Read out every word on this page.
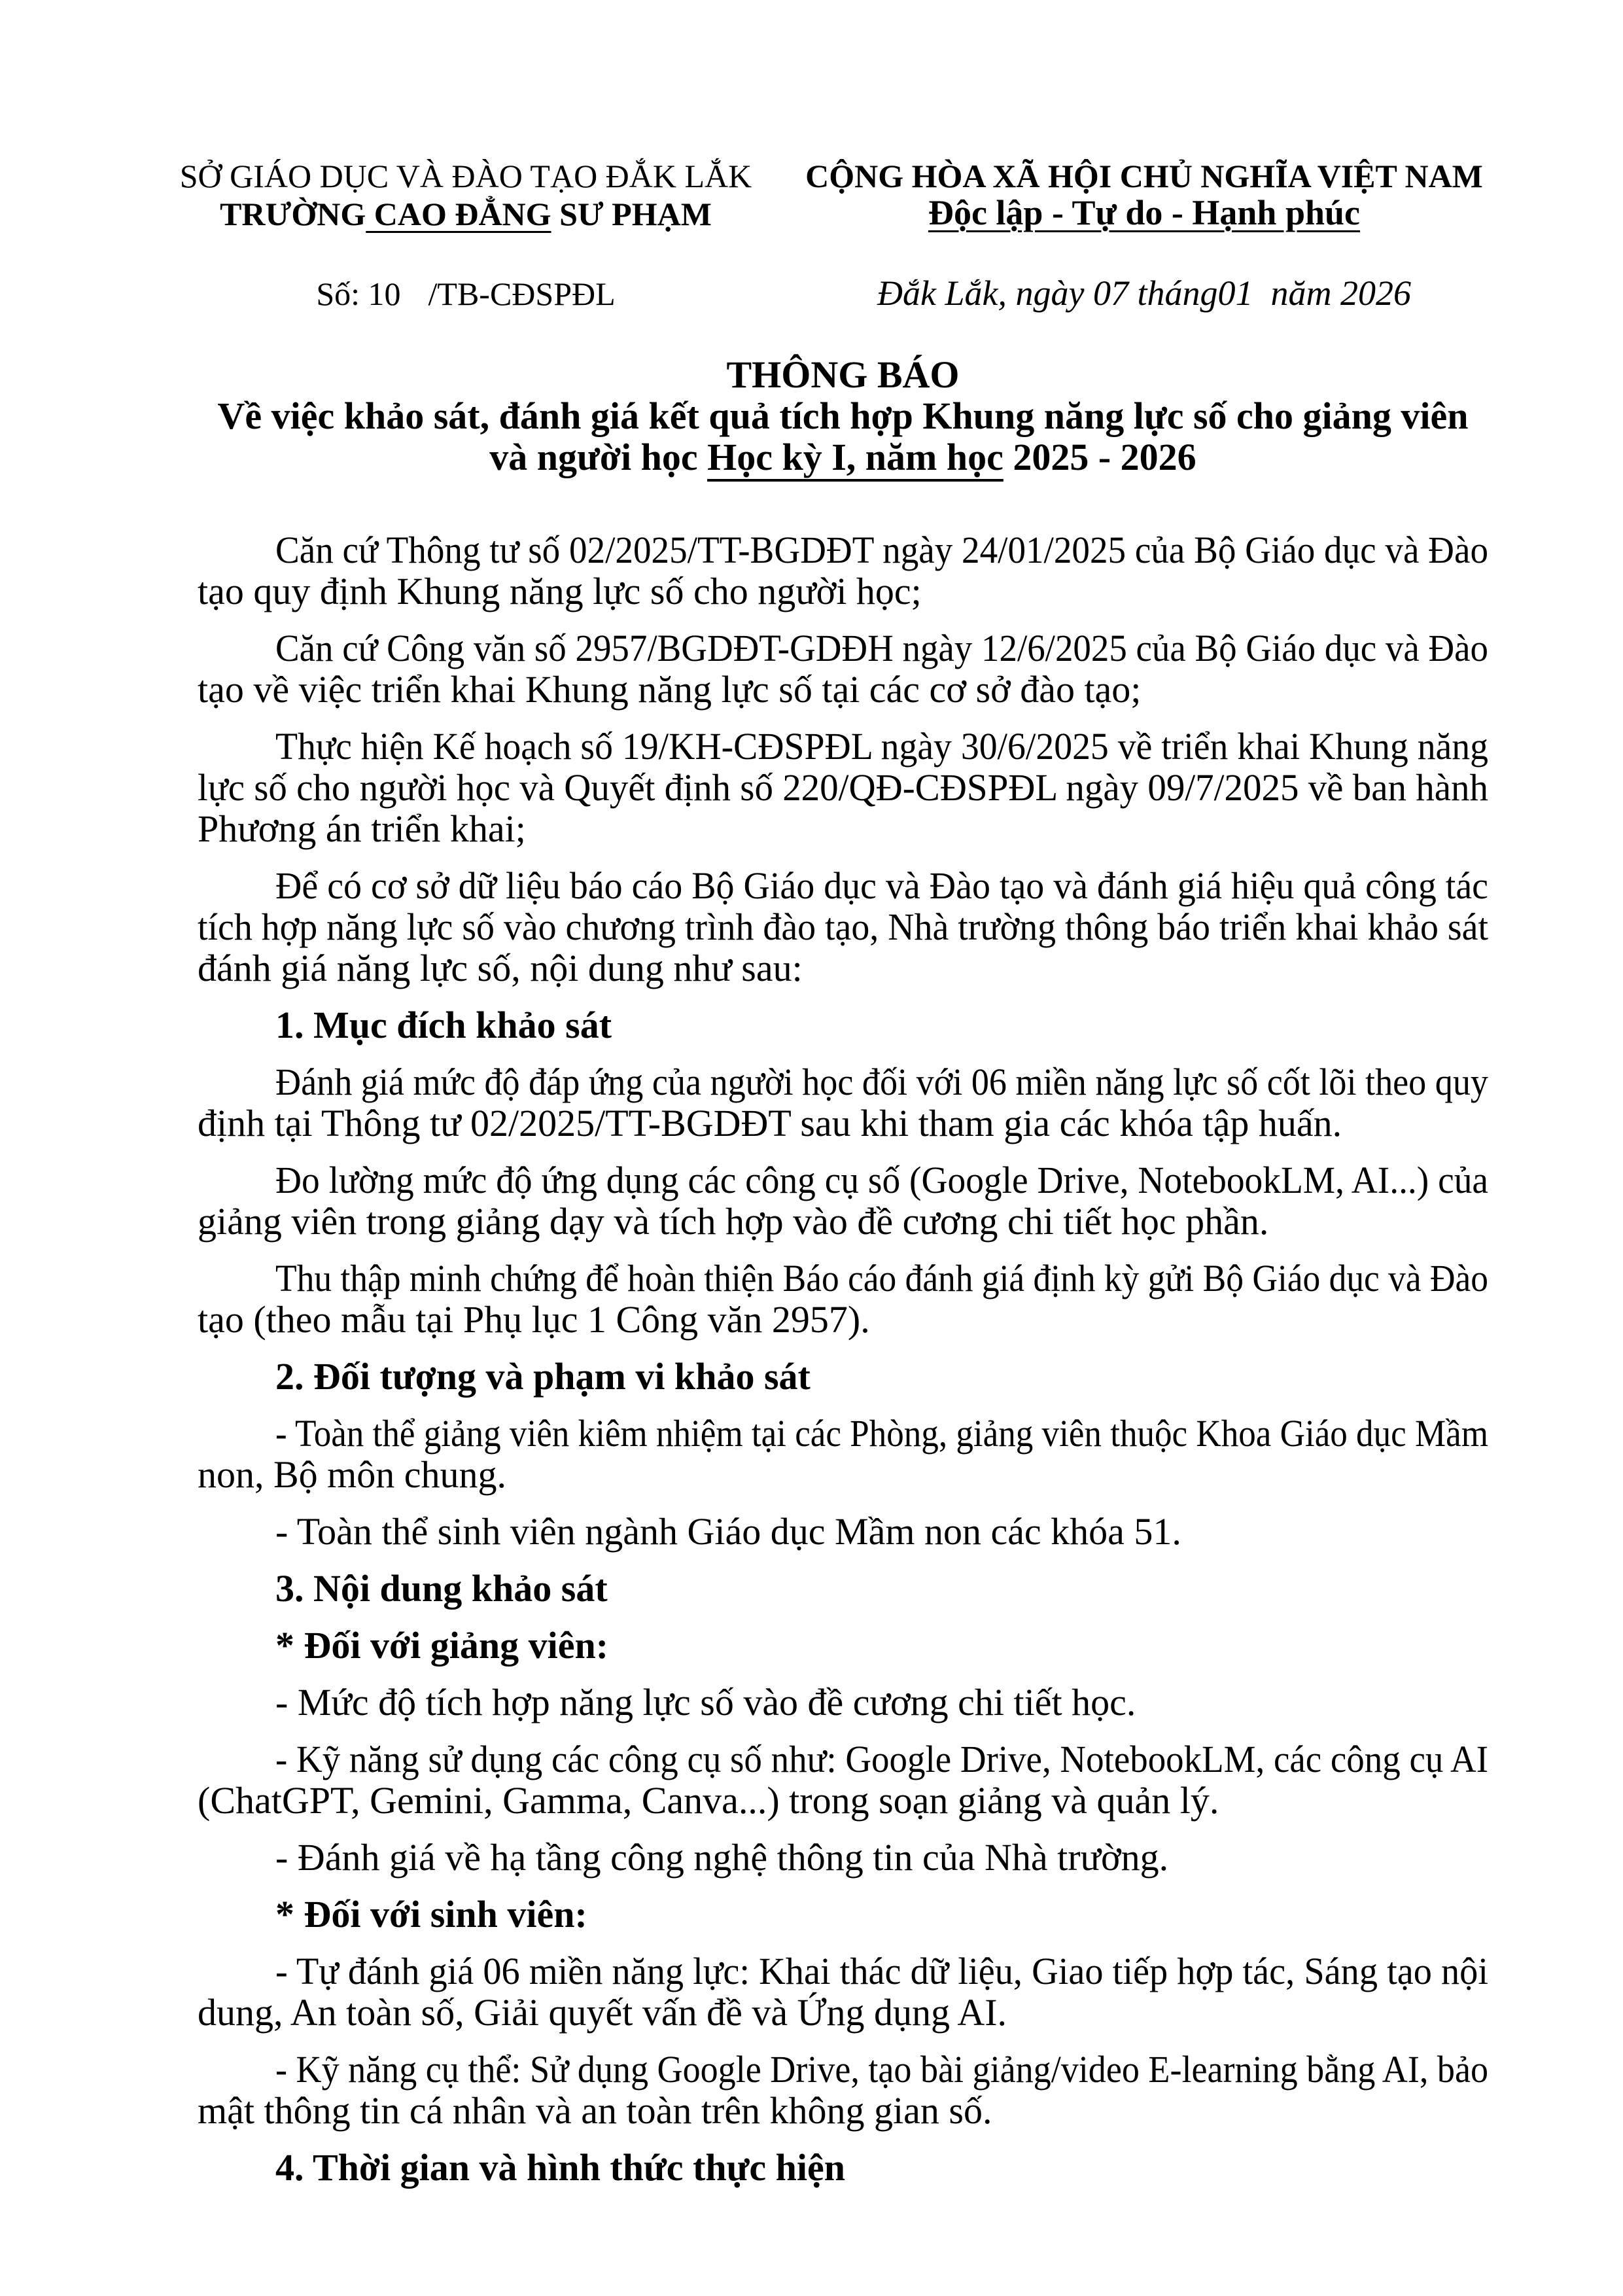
SỞ GIÁO DỤC VÀ ĐÀO TẠO ĐẮK LẮK

TRƯỜNG CAO ĐẲNG SƯ PHẠM

Số: 10 /TB-CĐSPĐL

CỘNG HÒA XÃ HỘI CHỦ NGHĨA VIỆT NAM

Độc lập - Tự do - Hạnh phúc

Đắk Lắk, ngày 07 tháng01  năm 2026

THÔNG BÁO
Về việc khảo sát, đánh giá kết quả tích hợp Khung năng lực số cho giảng viên
và người học Học kỳ I, năm học 2025 - 2026
Căn cứ Thông tư số 02/2025/TT-BGDĐT ngày 24/01/2025 của Bộ Giáo dục và Đào
tạo quy định Khung năng lực số cho người học;
Căn cứ Công văn số 2957/BGDĐT-GDĐH ngày 12/6/2025 của Bộ Giáo dục và Đào
tạo về việc triển khai Khung năng lực số tại các cơ sở đào tạo;
Thực hiện Kế hoạch số 19/KH-CĐSPĐL ngày 30/6/2025 về triển khai Khung năng
lực số cho người học và Quyết định số 220/QĐ-CĐSPĐL ngày 09/7/2025 về ban hành
Phương án triển khai;
Để có cơ sở dữ liệu báo cáo Bộ Giáo dục và Đào tạo và đánh giá hiệu quả công tác
tích hợp năng lực số vào chương trình đào tạo, Nhà trường thông báo triển khai khảo sát
đánh giá năng lực số, nội dung như sau:
1. Mục đích khảo sát
Đánh giá mức độ đáp ứng của người học đối với 06 miền năng lực số cốt lõi theo quy
định tại Thông tư 02/2025/TT-BGDĐT sau khi tham gia các khóa tập huấn.
Đo lường mức độ ứng dụng các công cụ số (Google Drive, NotebookLM, AI...) của
giảng viên trong giảng dạy và tích hợp vào đề cương chi tiết học phần.
Thu thập minh chứng để hoàn thiện Báo cáo đánh giá định kỳ gửi Bộ Giáo dục và Đào
tạo (theo mẫu tại Phụ lục 1 Công văn 2957).
2. Đối tượng và phạm vi khảo sát
- Toàn thể giảng viên kiêm nhiệm tại các Phòng, giảng viên thuộc Khoa Giáo dục Mầm
non, Bộ môn chung.
- Toàn thể sinh viên ngành Giáo dục Mầm non các khóa 51.
3. Nội dung khảo sát
* Đối với giảng viên:
- Mức độ tích hợp năng lực số vào đề cương chi tiết học.
- Kỹ năng sử dụng các công cụ số như: Google Drive, NotebookLM, các công cụ AI
(ChatGPT, Gemini, Gamma, Canva...) trong soạn giảng và quản lý.
- Đánh giá về hạ tầng công nghệ thông tin của Nhà trường.
* Đối với sinh viên:
- Tự đánh giá 06 miền năng lực: Khai thác dữ liệu, Giao tiếp hợp tác, Sáng tạo nội
dung, An toàn số, Giải quyết vấn đề và Ứng dụng AI.
- Kỹ năng cụ thể: Sử dụng Google Drive, tạo bài giảng/video E-learning bằng AI, bảo
mật thông tin cá nhân và an toàn trên không gian số.
4. Thời gian và hình thức thực hiện
